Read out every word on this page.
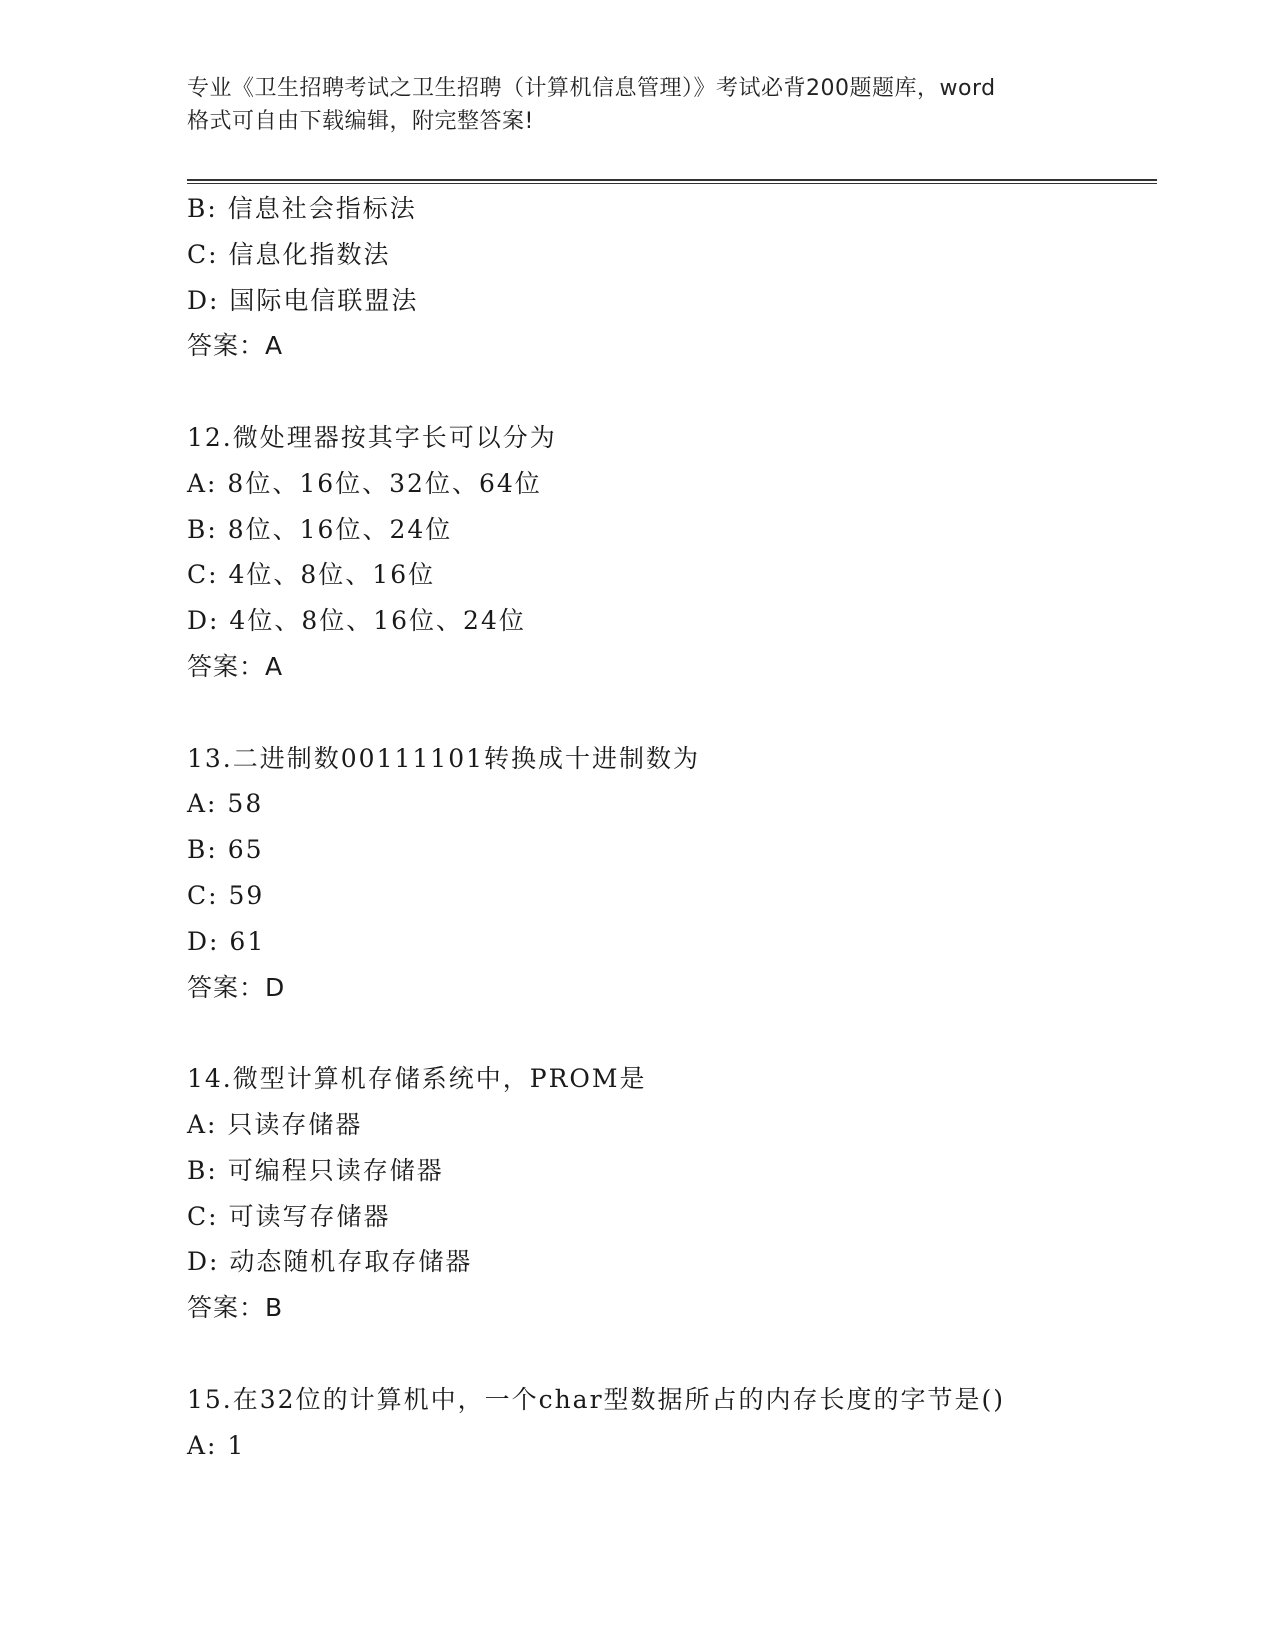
专业《卫生招聘考试之卫生招聘（计算机信息管理）》考试必背200题题库，word
格式可自由下载编辑，附完整答案!
B: 信息社会指标法
C: 信息化指数法
D: 国际电信联盟法
答案：A
12.微处理器按其字长可以分为
A: 8位、16位、32位、64位
B: 8位、16位、24位
C: 4位、8位、16位
D: 4位、8位、16位、24位
答案：A
13.二进制数00111101转换成十进制数为
A: 58
B: 65
C: 59
D: 61
答案：D
14.微型计算机存储系统中，PROM是
A: 只读存储器
B: 可编程只读存储器
C: 可读写存储器
D: 动态随机存取存储器
答案：B
15.在32位的计算机中，一个char型数据所占的内存长度的字节是()
A: 1
